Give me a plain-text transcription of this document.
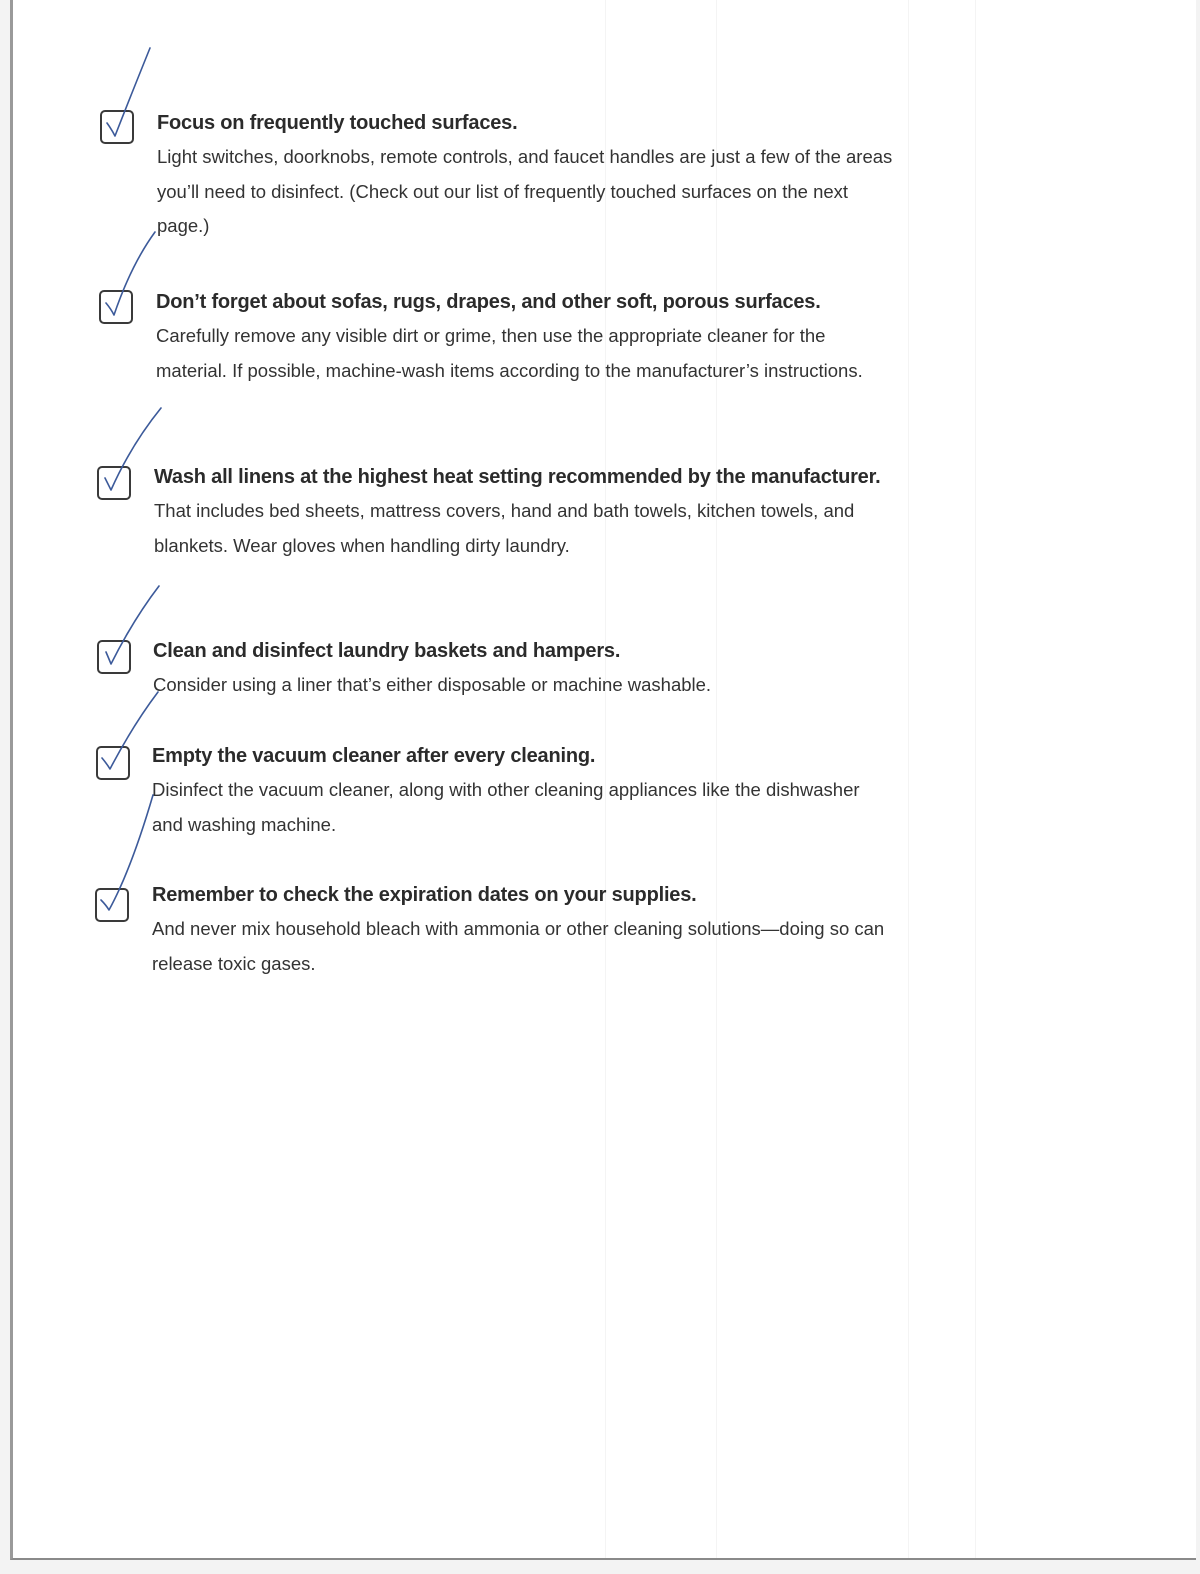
Focus on frequently touched surfaces.
Light switches, doorknobs, remote controls, and faucet handles are just a few of the areas you’ll need to disinfect. (Check out our list of frequently touched surfaces on the next page.)
Don’t forget about sofas, rugs, drapes, and other soft, porous surfaces.
Carefully remove any visible dirt or grime, then use the appropriate cleaner for the material. If possible, machine-wash items according to the manufacturer’s instructions.
Wash all linens at the highest heat setting recommended by the manufacturer.
That includes bed sheets, mattress covers, hand and bath towels, kitchen towels, and blankets. Wear gloves when handling dirty laundry.
Clean and disinfect laundry baskets and hampers.
Consider using a liner that’s either disposable or machine washable.
Empty the vacuum cleaner after every cleaning.
Disinfect the vacuum cleaner, along with other cleaning appliances like the dishwasher and washing machine.
Remember to check the expiration dates on your supplies.
And never mix household bleach with ammonia or other cleaning solutions—doing so can release toxic gases.
